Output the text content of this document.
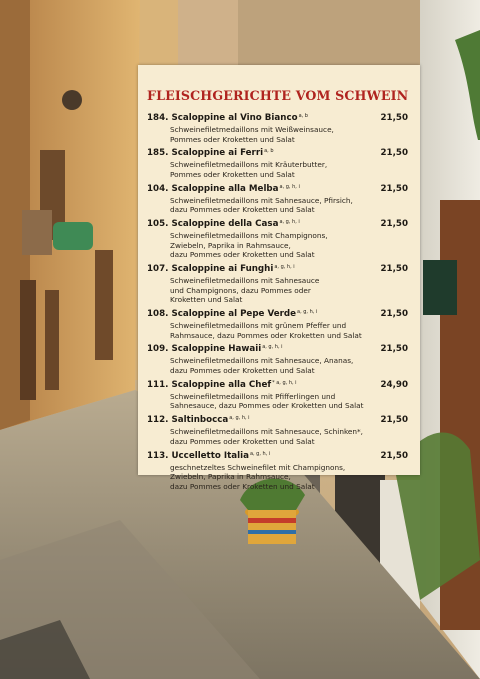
FLEISCHGERICHTE VOM SCHWEIN
184. Scaloppine al Vino Bianco$^{a, b}$	21,50
Schweinefiletmedaillons mit Weißweinsauce,
Pommes oder Kroketten und Salat
185. Scaloppine ai Ferri$^{a, b}$	21,50
Schweinefiletmedaillons mit Kräuterbutter,
Pommes oder Kroketten und Salat
104. Scaloppine alla Melba$^{a, g, h, i}$	21,50
Schweinefiletmedaillons mit Sahnesauce, Pfirsich,
dazu Pommes oder Kroketten und Salat
105. Scaloppine della Casa$^{a, g, h, i}$	21,50
Schweinefiletmedaillons mit Champignons,
Zwiebeln, Paprika in Rahmsauce,
dazu Pommes oder Kroketten und Salat
107. Scaloppine ai Funghi$^{a, g, h, i}$	21,50
Schweinefiletmedaillons mit Sahnesauce
und Champignons, dazu Pommes oder
Kroketten und Salat
108. Scaloppine al Pepe Verde$^{a, g, h, i}$	21,50
Schweinefiletmedaillons mit grünem Pfeffer und
Rahmsauce, dazu Pommes oder Kroketten und Salat
109. Scaloppine Hawaii$^{a, g, h, i}$	21,50
Schweinefiletmedaillons mit Sahnesauce, Ananas,
dazu Pommes oder Kroketten und Salat
111. Scaloppine alla Chef$^{* a, g, h, i}$	24,90
Schweinefiletmedaillons mit Pfifferlingen und
Sahnesauce, dazu Pommes oder Kroketten und Salat
112. Saltinbocca$^{a, g, h, i}$	21,50
Schweinefiletmedaillons mit Sahnesauce, Schinken*,
dazu Pommes oder Kroketten und Salat
113. Uccelletto Italia$^{a, g, h, i}$	21,50
geschnetzeltes Schweinefilet mit Champignons,
Zwiebeln, Paprika in Rahmsauce,
dazu Pommes oder Kroketten und Salat
